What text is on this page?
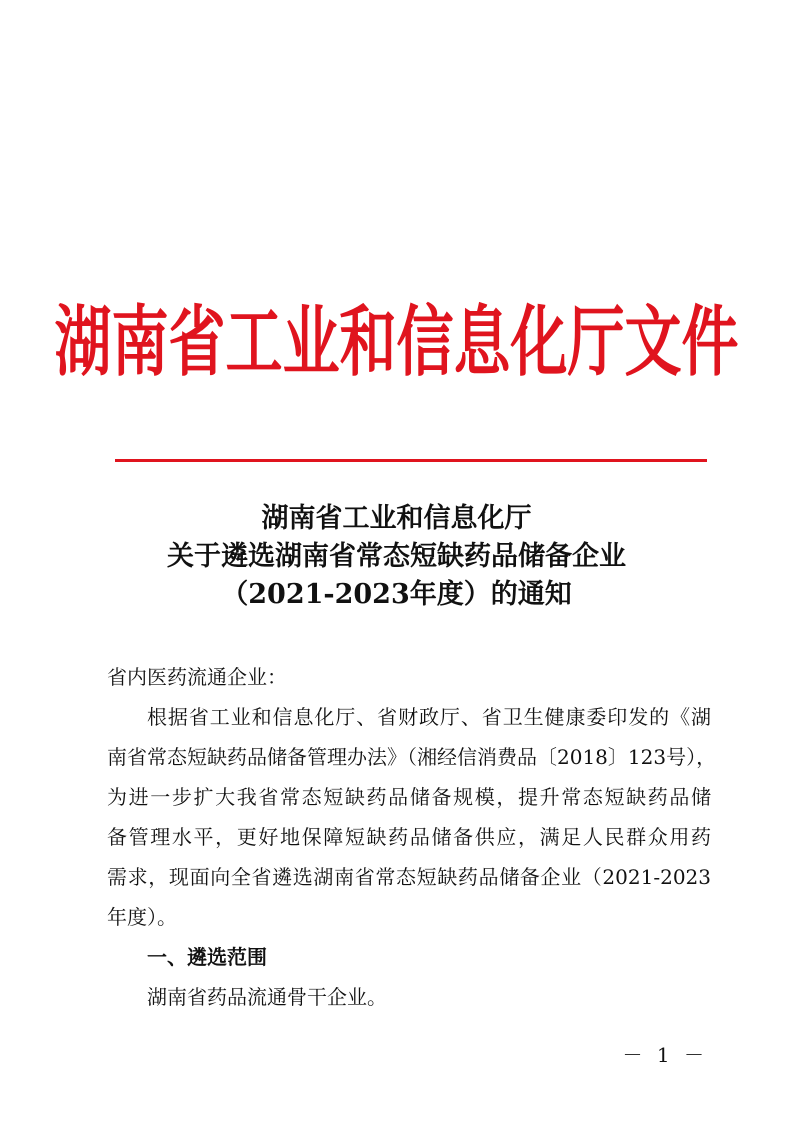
湖南省工业和信息化厅文件
湖南省工业和信息化厅
关于遴选湖南省常态短缺药品储备企业
（2021-2023年度）的通知
省内医药流通企业：
根据省工业和信息化厅、省财政厅、省卫生健康委印发的《湖
南省常态短缺药品储备管理办法》（湘经信消费品〔2018〕123号），
为进一步扩大我省常态短缺药品储备规模，提升常态短缺药品储
备管理水平，更好地保障短缺药品储备供应，满足人民群众用药
需求，现面向全省遴选湖南省常态短缺药品储备企业（2021-2023
年度）。
一、遴选范围
湖南省药品流通骨干企业。
－ 1 －
